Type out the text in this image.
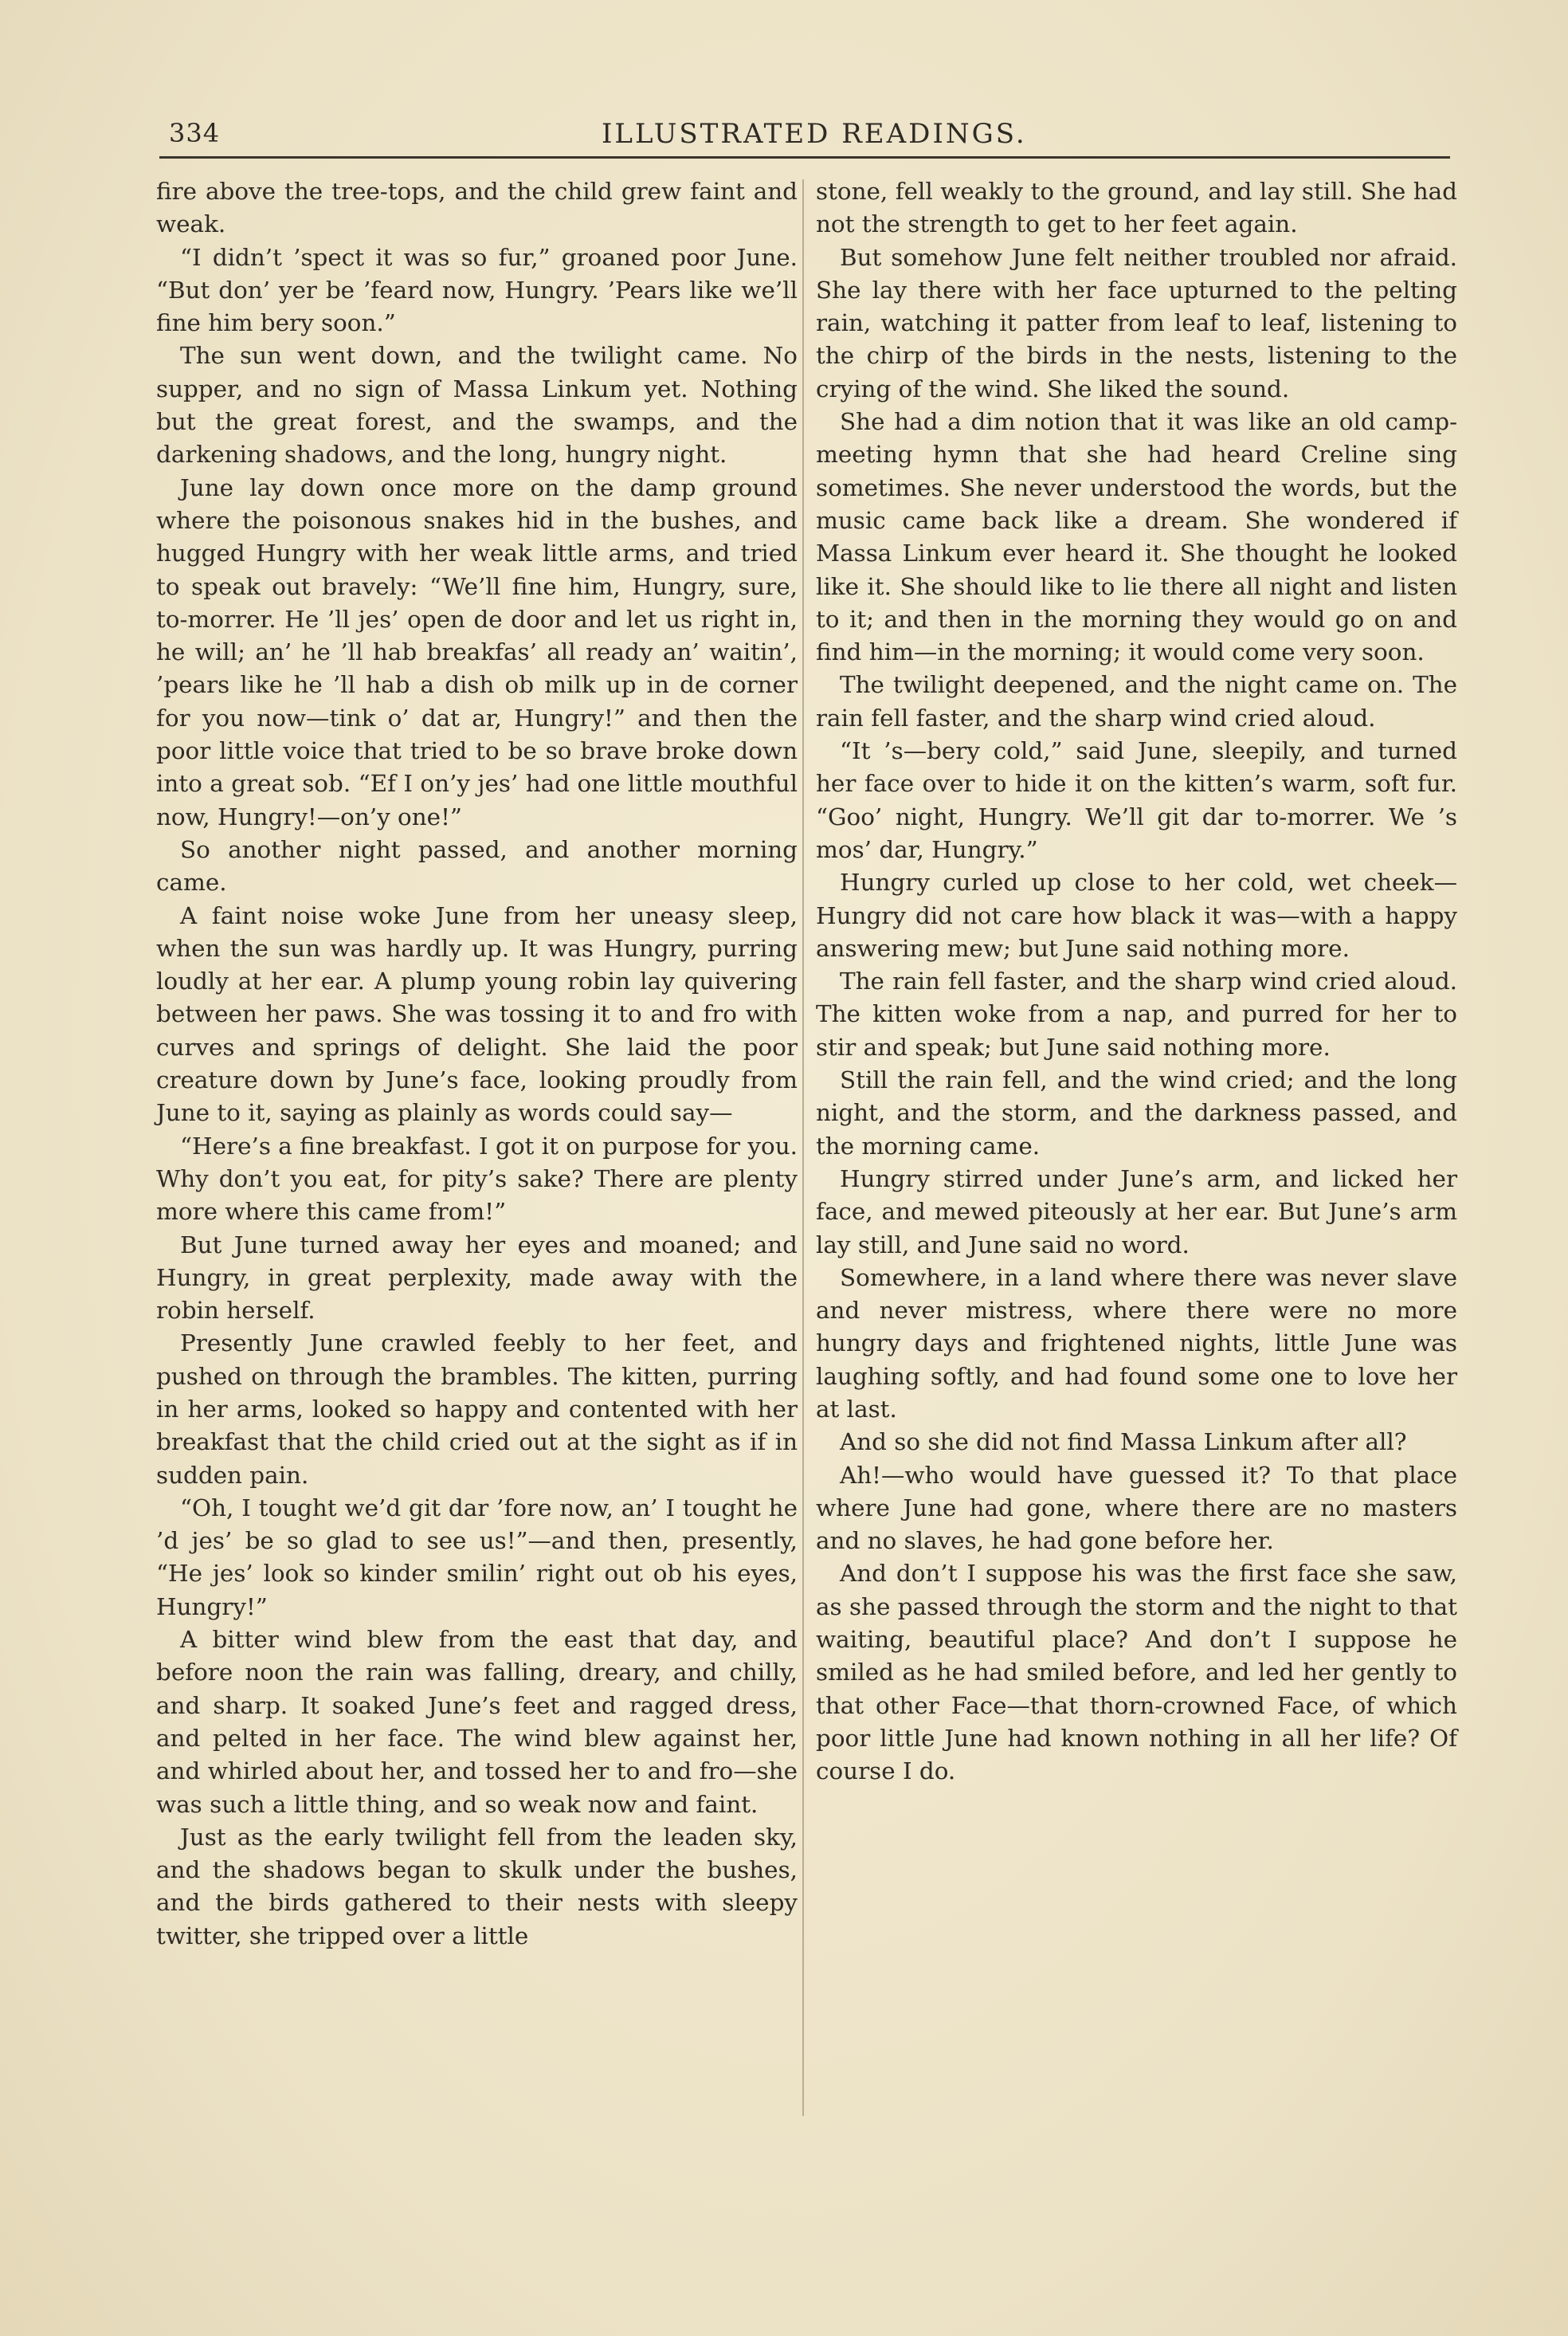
334	ILLUSTRATED READINGS.

fire above the tree-tops, and the child grew faint and weak.

“I didn’t ’spect it was so fur,” groaned poor June. “But don’ yer be ’feard now, Hungry. ’Pears like we’ll fine him bery soon.”

The sun went down, and the twilight came. No supper, and no sign of Massa Linkum yet. Nothing but the great forest, and the swamps, and the darkening shadows, and the long, hungry night.

June lay down once more on the damp ground where the poisonous snakes hid in the bushes, and hugged Hungry with her weak little arms, and tried to speak out bravely: “We’ll fine him, Hungry, sure, to-morrer. He ’ll jes’ open de door and let us right in, he will; an’ he ’ll hab breakfas’ all ready an’ waitin’, ’pears like he ’ll hab a dish ob milk up in de corner for you now—tink o’ dat ar, Hungry!” and then the poor little voice that tried to be so brave broke down into a great sob. “Ef I on’y jes’ had one little mouthful now, Hungry!—on’y one!”

So another night passed, and another morning came.

A faint noise woke June from her uneasy sleep, when the sun was hardly up. It was Hungry, purring loudly at her ear. A plump young robin lay quivering between her paws. She was tossing it to and fro with curves and springs of delight. She laid the poor creature down by June’s face, looking proudly from June to it, saying as plainly as words could say—

“Here’s a fine breakfast. I got it on purpose for you. Why don’t you eat, for pity’s sake? There are plenty more where this came from!”

But June turned away her eyes and moaned; and Hungry, in great perplexity, made away with the robin herself.

Presently June crawled feebly to her feet, and pushed on through the brambles. The kitten, purring in her arms, looked so happy and contented with her breakfast that the child cried out at the sight as if in sudden pain.

“Oh, I tought we’d git dar ’fore now, an’ I tought he ’d jes’ be so glad to see us!”—and then, presently, “He jes’ look so kinder smilin’ right out ob his eyes, Hungry!”

A bitter wind blew from the east that day, and before noon the rain was falling, dreary, and chilly, and sharp. It soaked June’s feet and ragged dress, and pelted in her face. The wind blew against her, and whirled about her, and tossed her to and fro—she was such a little thing, and so weak now and faint.

Just as the early twilight fell from the leaden sky, and the shadows began to skulk under the bushes, and the birds gathered to their nests with sleepy twitter, she tripped over a little

stone, fell weakly to the ground, and lay still. She had not the strength to get to her feet again.

But somehow June felt neither troubled nor afraid. She lay there with her face upturned to the pelting rain, watching it patter from leaf to leaf, listening to the chirp of the birds in the nests, listening to the crying of the wind. She liked the sound.

She had a dim notion that it was like an old camp-meeting hymn that she had heard Creline sing sometimes. She never understood the words, but the music came back like a dream. She wondered if Massa Linkum ever heard it. She thought he looked like it. She should like to lie there all night and listen to it; and then in the morning they would go on and find him—in the morning; it would come very soon.

The twilight deepened, and the night came on. The rain fell faster, and the sharp wind cried aloud.

“It ’s—bery cold,” said June, sleepily, and turned her face over to hide it on the kitten’s warm, soft fur. “Goo’ night, Hungry. We’ll git dar to-morrer. We ’s mos’ dar, Hungry.”

Hungry curled up close to her cold, wet cheek—Hungry did not care how black it was—with a happy answering mew; but June said nothing more.

The rain fell faster, and the sharp wind cried aloud. The kitten woke from a nap, and purred for her to stir and speak; but June said nothing more.

Still the rain fell, and the wind cried; and the long night, and the storm, and the darkness passed, and the morning came.

Hungry stirred under June’s arm, and licked her face, and mewed piteously at her ear. But June’s arm lay still, and June said no word.

Somewhere, in a land where there was never slave and never mistress, where there were no more hungry days and frightened nights, little June was laughing softly, and had found some one to love her at last.

And so she did not find Massa Linkum after all?

Ah!—who would have guessed it? To that place where June had gone, where there are no masters and no slaves, he had gone before her.

And don’t I suppose his was the first face she saw, as she passed through the storm and the night to that waiting, beautiful place? And don’t I suppose he smiled as he had smiled before, and led her gently to that other Face—that thorn-crowned Face, of which poor little June had known nothing in all her life? Of course I do.
